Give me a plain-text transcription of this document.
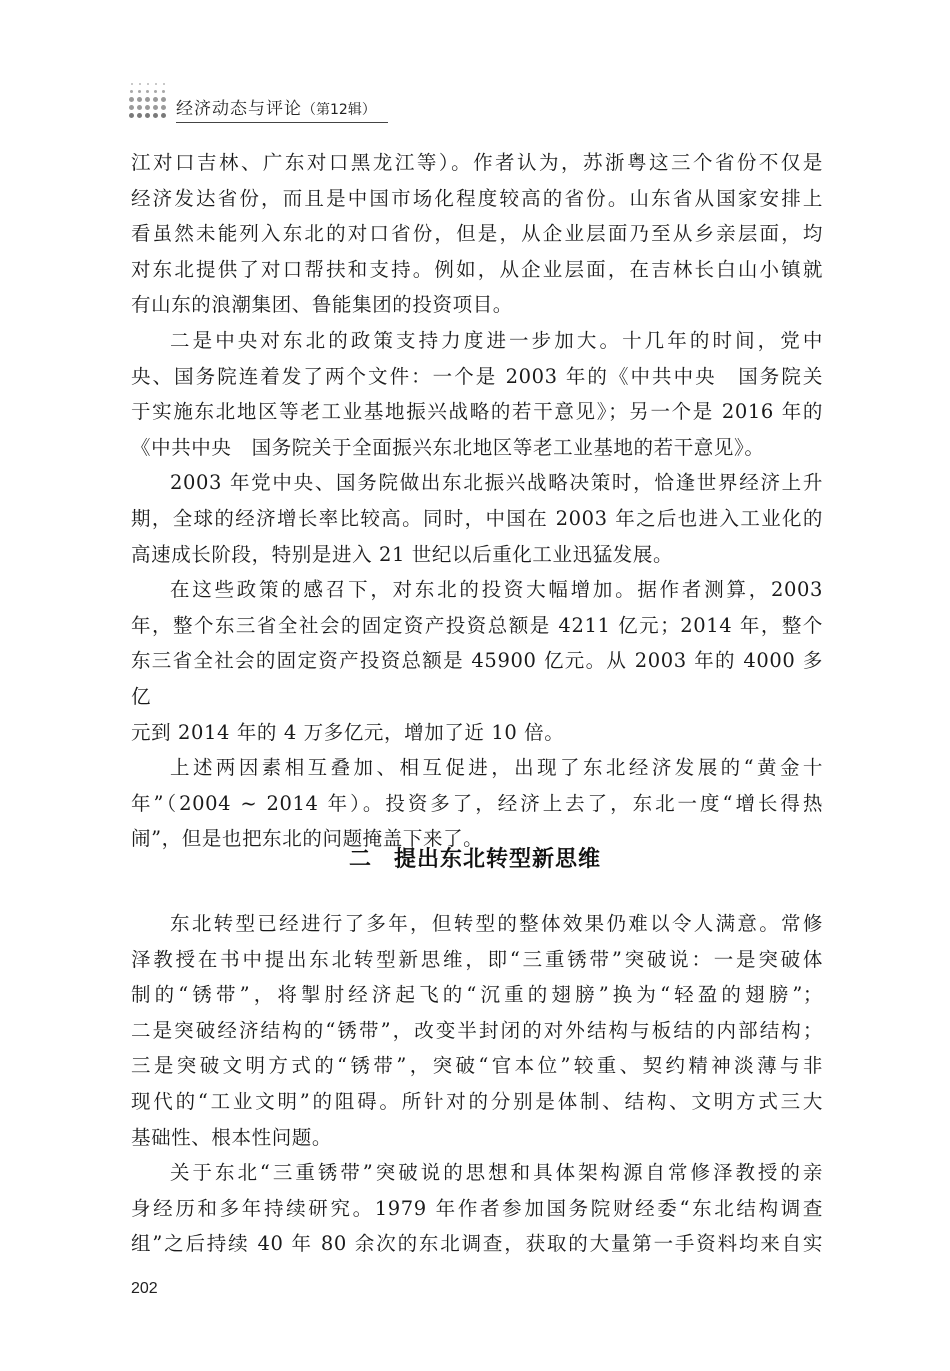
经济动态与评论（第12辑）
江对口吉林、广东对口黑龙江等）。作者认为，苏浙粤这三个省份不仅是
经济发达省份，而且是中国市场化程度较高的省份。山东省从国家安排上
看虽然未能列入东北的对口省份，但是，从企业层面乃至从乡亲层面，均
对东北提供了对口帮扶和支持。例如，从企业层面，在吉林长白山小镇就
有山东的浪潮集团、鲁能集团的投资项目。
二是中央对东北的政策支持力度进一步加大。十几年的时间，党中
央、国务院连着发了两个文件：一个是 2003 年的《中共中央　国务院关
于实施东北地区等老工业基地振兴战略的若干意见》；另一个是 2016 年的
《中共中央　国务院关于全面振兴东北地区等老工业基地的若干意见》。
2003 年党中央、国务院做出东北振兴战略决策时，恰逢世界经济上升
期，全球的经济增长率比较高。同时，中国在 2003 年之后也进入工业化的
高速成长阶段，特别是进入 21 世纪以后重化工业迅猛发展。
在这些政策的感召下，对东北的投资大幅增加。据作者测算，2003
年，整个东三省全社会的固定资产投资总额是 4211 亿元；2014 年，整个
东三省全社会的固定资产投资总额是 45900 亿元。从 2003 年的 4000 多亿
元到 2014 年的 4 万多亿元，增加了近 10 倍。
上述两因素相互叠加、相互促进，出现了东北经济发展的“黄金十
年”（2004 ~ 2014 年）。投资多了，经济上去了，东北一度“增长得热
闹”，但是也把东北的问题掩盖下来了。
二 提出东北转型新思维
东北转型已经进行了多年，但转型的整体效果仍难以令人满意。常修
泽教授在书中提出东北转型新思维，即“三重锈带”突破说：一是突破体
制的“锈带”，将掣肘经济起飞的“沉重的翅膀”换为“轻盈的翅膀”；
二是突破经济结构的“锈带”，改变半封闭的对外结构与板结的内部结构；
三是突破文明方式的“锈带”，突破“官本位”较重、契约精神淡薄与非
现代的“工业文明”的阻碍。所针对的分别是体制、结构、文明方式三大
基础性、根本性问题。
关于东北“三重锈带”突破说的思想和具体架构源自常修泽教授的亲
身经历和多年持续研究。1979 年作者参加国务院财经委“东北结构调查
组”之后持续 40 年 80 余次的东北调查，获取的大量第一手资料均来自实
202
